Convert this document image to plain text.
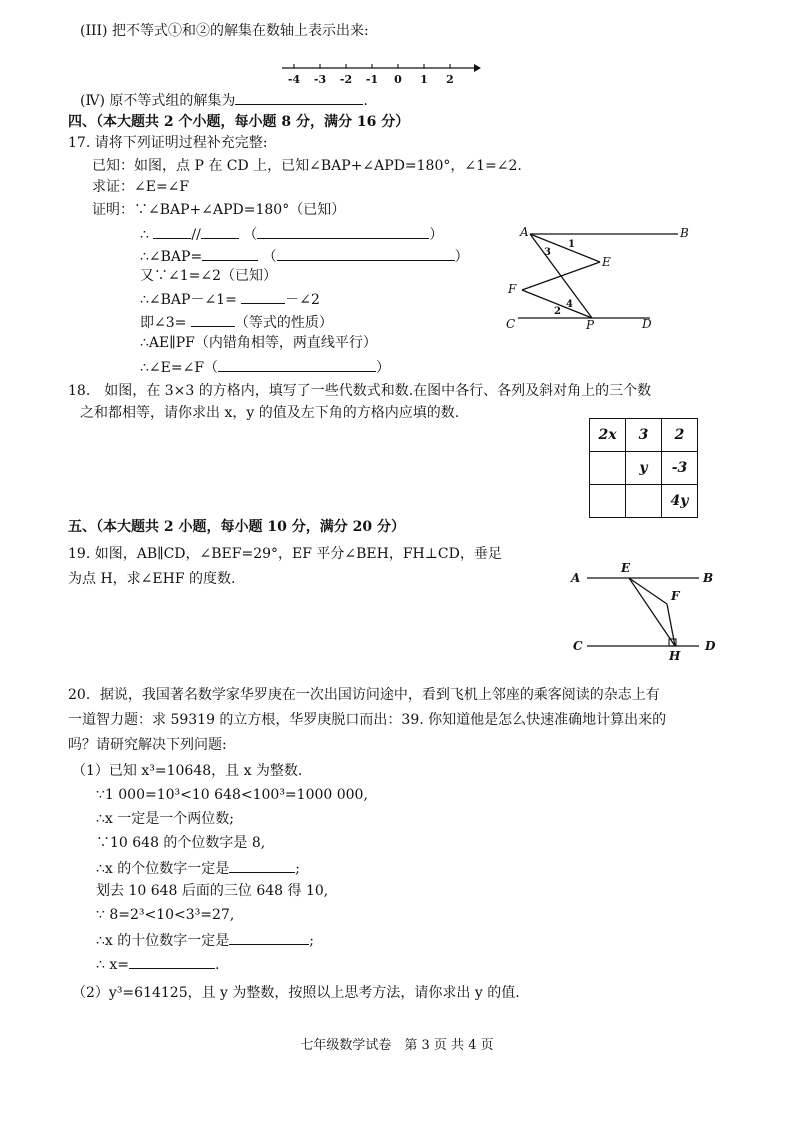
(III) 把不等式①和②的解集在数轴上表示出来:
-4 -3 -2 -1 0 1 2
(Ⅳ) 原不等式组的解集为	.
四、（本大题共 2 个小题，每小题 8 分，满分 16 分）
17. 请将下列证明过程补充完整:
已知：如图，点 P 在 CD 上，已知∠BAP+∠APD=180°，∠1=∠2.
求证：∠E=∠F
证明：∵∠BAP+∠APD=180°（已知）
∴	//	（	）
∴∠BAP=	（	）
又∵∠1=∠2（已知）
∴∠BAP－∠1=	－∠2
即∠3=	（等式的性质）
∴AE∥PF（内错角相等，两直线平行）
∴∠E=∠F（	）
A	B
1
3
E
F
4
2
C	P	D
18.　如图，在 3×3 的方格内，填写了一些代数式和数.在图中各行、各列及斜对角上的三个数
之和都相等，请你求出 x，y 的值及左下角的方格内应填的数.
2x	3	2
	y	-3
		4y
五、（本大题共 2 小题，每小题 10 分，满分 20 分）
19. 如图，AB∥CD，∠BEF=29°，EF 平分∠BEH，FH⊥CD，垂足
为点 H，求∠EHF 的度数.	A
E
B
F
C
H
D
20．据说，我国著名数学家华罗庚在一次出国访问途中，看到飞机上邻座的乘客阅读的杂志上有
一道智力题：求 59319 的立方根，华罗庚脱口而出：39. 你知道他是怎么快速准确地计算出来的
吗？请研究解决下列问题:
（1）已知 x³=10648，且 x 为整数.
∵1 000=10³<10 648<100³=1000 000,
∴x 一定是一个两位数;
∵10 648 的个位数字是 8,
∴x 的个位数字一定是	;
划去 10 648 后面的三位 648 得 10,
∵ 8=2³<10<3³=27,
∴x 的十位数字一定是	;
∴ x=	.
（2）y³=614125，且 y 为整数，按照以上思考方法，请你求出 y 的值.
七年级数学试卷　第 3 页 共 4 页
